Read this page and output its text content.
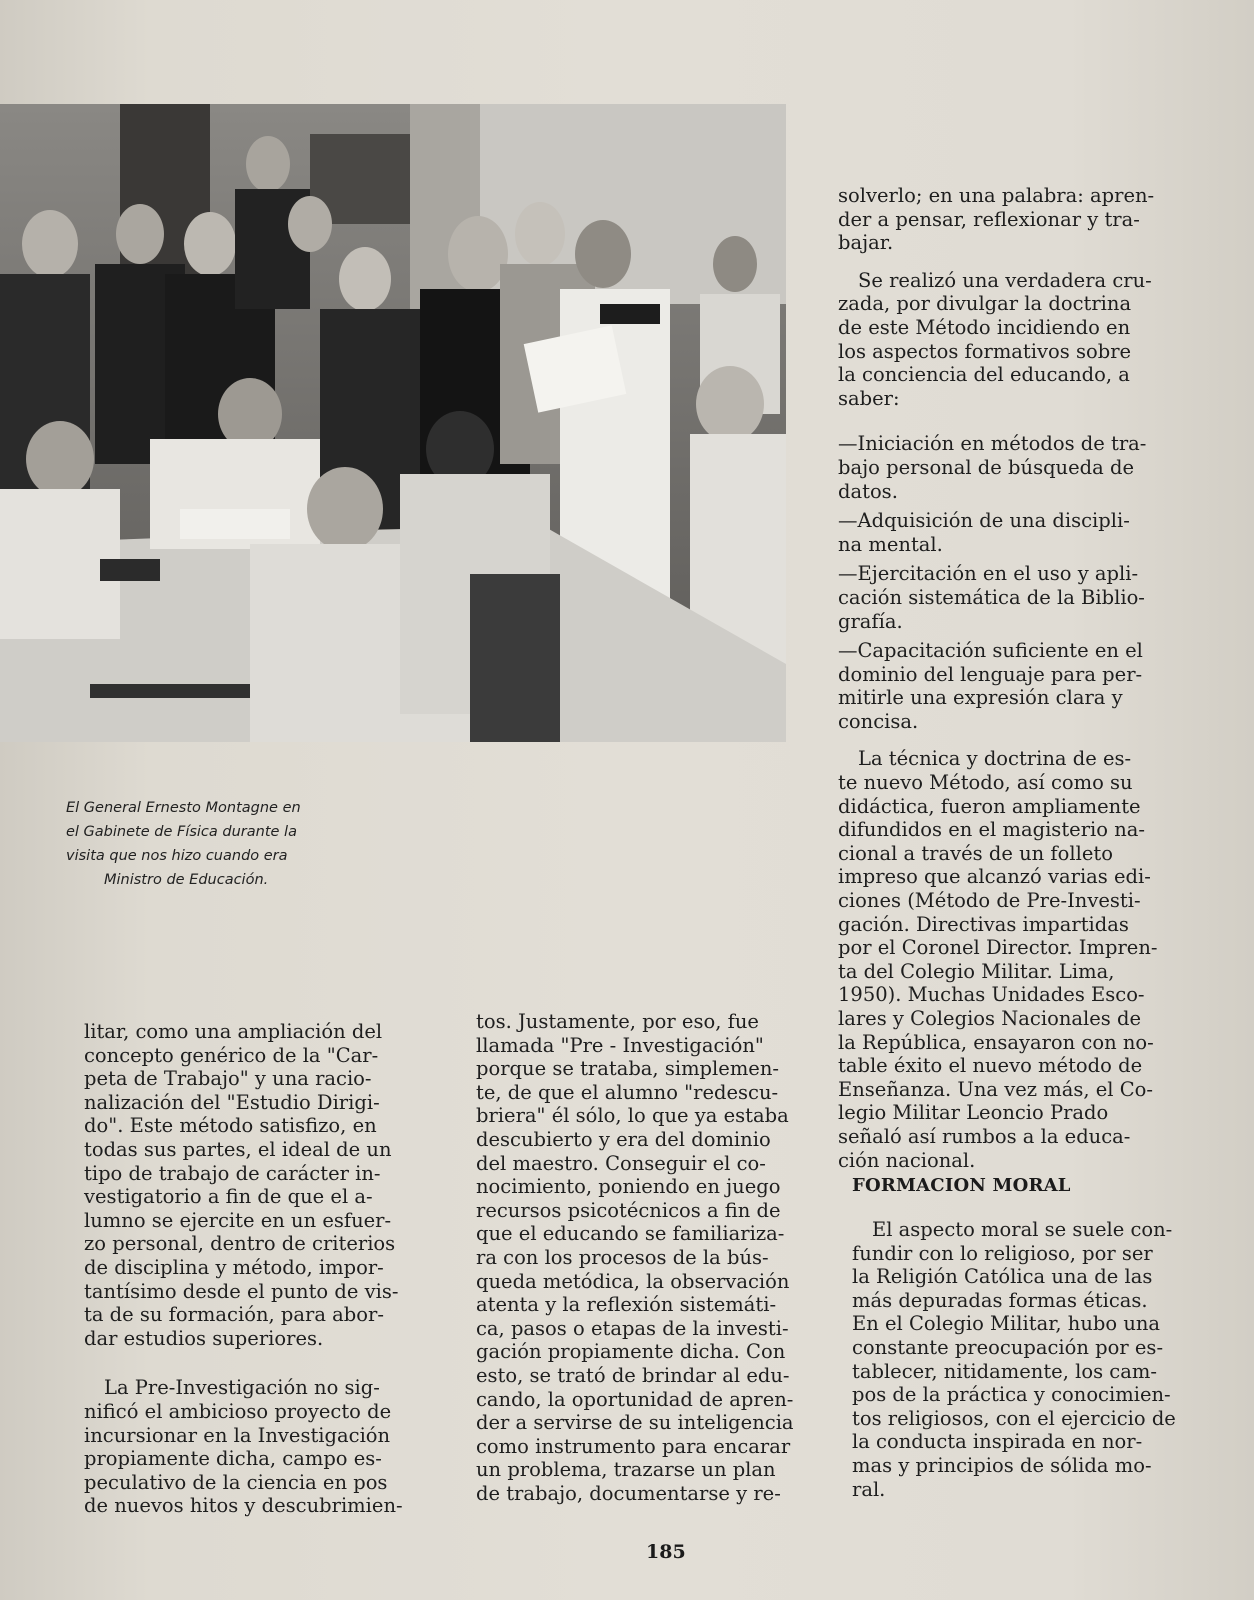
El General Ernesto Montagne en
el Gabinete de Física durante la
visita que nos hizo cuando era
Ministro de Educación.
solverlo; en una palabra: apren-
der a pensar, reflexionar y tra-
bajar.
Se realizó una verdadera cru-
zada, por divulgar la doctrina
de este Método incidiendo en
los aspectos formativos sobre
la conciencia del educando, a
saber:
—Iniciación en métodos de tra-
bajo personal de búsqueda de
datos.
—Adquisición de una discipli-
na mental.
—Ejercitación en el uso y apli-
cación sistemática de la Biblio-
grafía.
—Capacitación suficiente en el
dominio del lenguaje para per-
mitirle una expresión clara y
concisa.
La técnica y doctrina de es-
te nuevo Método, así como su
didáctica, fueron ampliamente
difundidos en el magisterio na-
cional a través de un folleto
impreso que alcanzó varias edi-
ciones (Método de Pre-Investi-
gación. Directivas impartidas
por el Coronel Director. Impren-
ta del Colegio Militar. Lima,
1950). Muchas Unidades Esco-
lares y Colegios Nacionales de
la República, ensayaron con no-
table éxito el nuevo método de
Enseñanza. Una vez más, el Co-
legio Militar Leoncio Prado
señaló así rumbos a la educa-
ción nacional.
FORMACION MORAL
El aspecto moral se suele con-
fundir con lo religioso, por ser
la Religión Católica una de las
más depuradas formas éticas.
En el Colegio Militar, hubo una
constante preocupación por es-
tablecer, nitidamente, los cam-
pos de la práctica y conocimien-
tos religiosos, con el ejercicio de
la conducta inspirada en nor-
mas y principios de sólida mo-
ral.
litar, como una ampliación del
concepto genérico de la "Car-
peta de Trabajo" y una racio-
nalización del "Estudio Dirigi-
do". Este método satisfizo, en
todas sus partes, el ideal de un
tipo de trabajo de carácter in-
vestigatorio a fin de que el a-
lumno se ejercite en un esfuer-
zo personal, dentro de criterios
de disciplina y método, impor-
tantísimo desde el punto de vis-
ta de su formación, para abor-
dar estudios superiores.
La Pre-Investigación no sig-
nificó el ambicioso proyecto de
incursionar en la Investigación
propiamente dicha, campo es-
peculativo de la ciencia en pos
de nuevos hitos y descubrimien-
tos. Justamente, por eso, fue
llamada "Pre - Investigación"
porque se trataba, simplemen-
te, de que el alumno "redescu-
briera" él sólo, lo que ya estaba
descubierto y era del dominio
del maestro. Conseguir el co-
nocimiento, poniendo en juego
recursos psicotécnicos a fin de
que el educando se familiariza-
ra con los procesos de la bús-
queda metódica, la observación
atenta y la reflexión sistemáti-
ca, pasos o etapas de la investi-
gación propiamente dicha. Con
esto, se trató de brindar al edu-
cando, la oportunidad de apren-
der a servirse de su inteligencia
como instrumento para encarar
un problema, trazarse un plan
de trabajo, documentarse y re-
185
